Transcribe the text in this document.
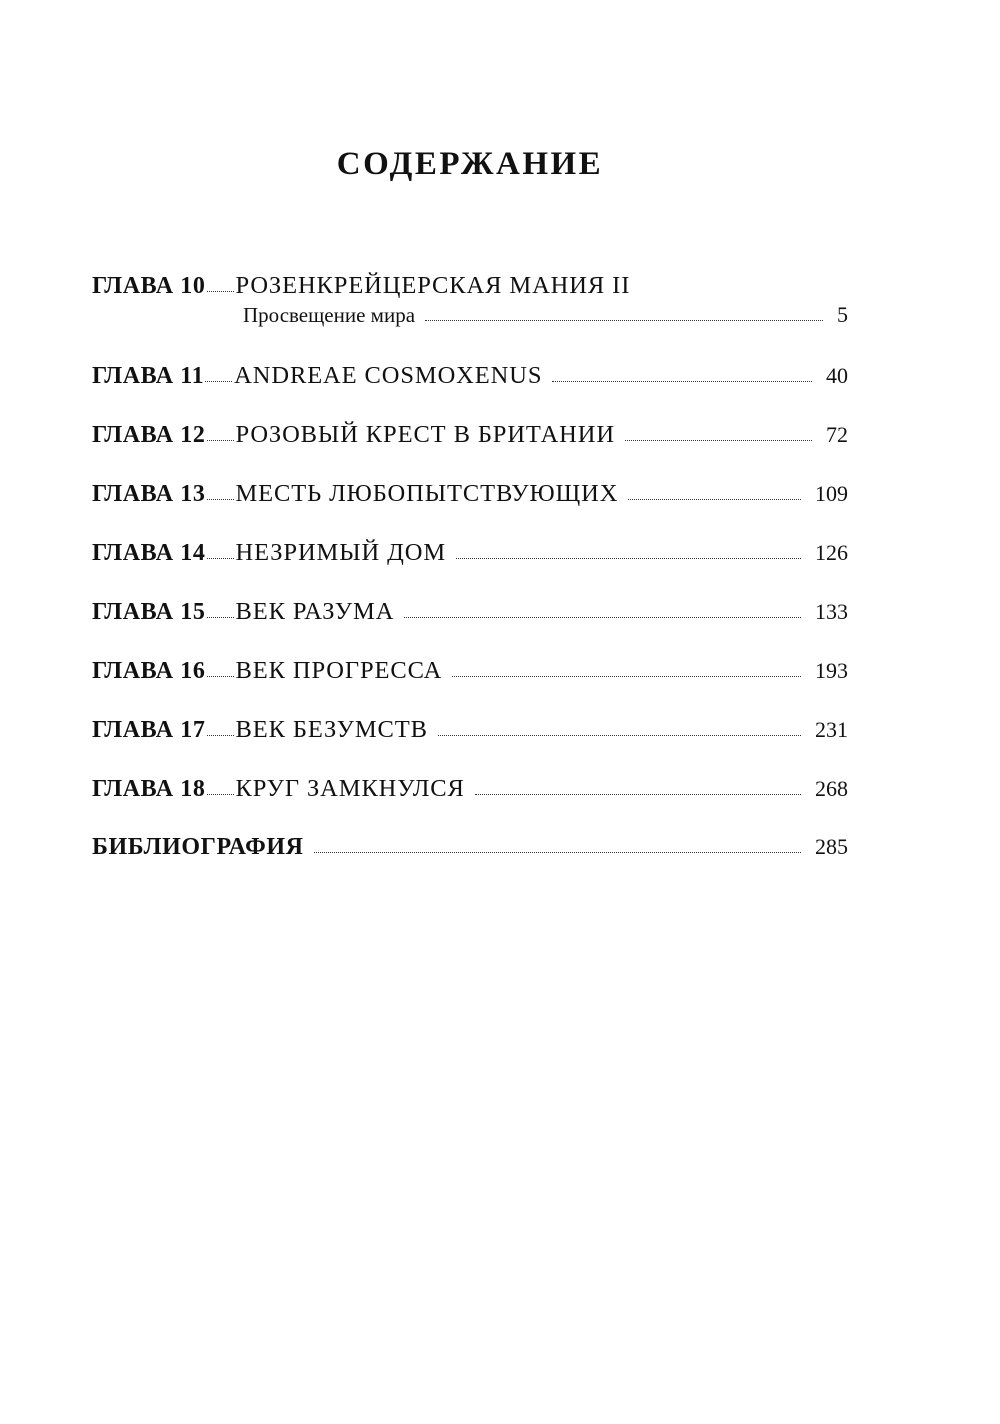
СОДЕРЖАНИЕ
ГЛАВА 10 РОЗЕНКРЕЙЦЕРСКАЯ МАНИЯ II
Просвещение мира	5
ГЛАВА 11 ANDREAE COSMOXENUS	40
ГЛАВА 12 РОЗОВЫЙ КРЕСТ В БРИТАНИИ	72
ГЛАВА 13 МЕСТЬ ЛЮБОПЫТСТВУЮЩИХ	109
ГЛАВА 14 НЕЗРИМЫЙ ДОМ	126
ГЛАВА 15 ВЕК РАЗУМА	133
ГЛАВА 16 ВЕК ПРОГРЕССА	193
ГЛАВА 17 ВЕК БЕЗУМСТВ	231
ГЛАВА 18 КРУГ ЗАМКНУЛСЯ	268
БИБЛИОГРАФИЯ	285
